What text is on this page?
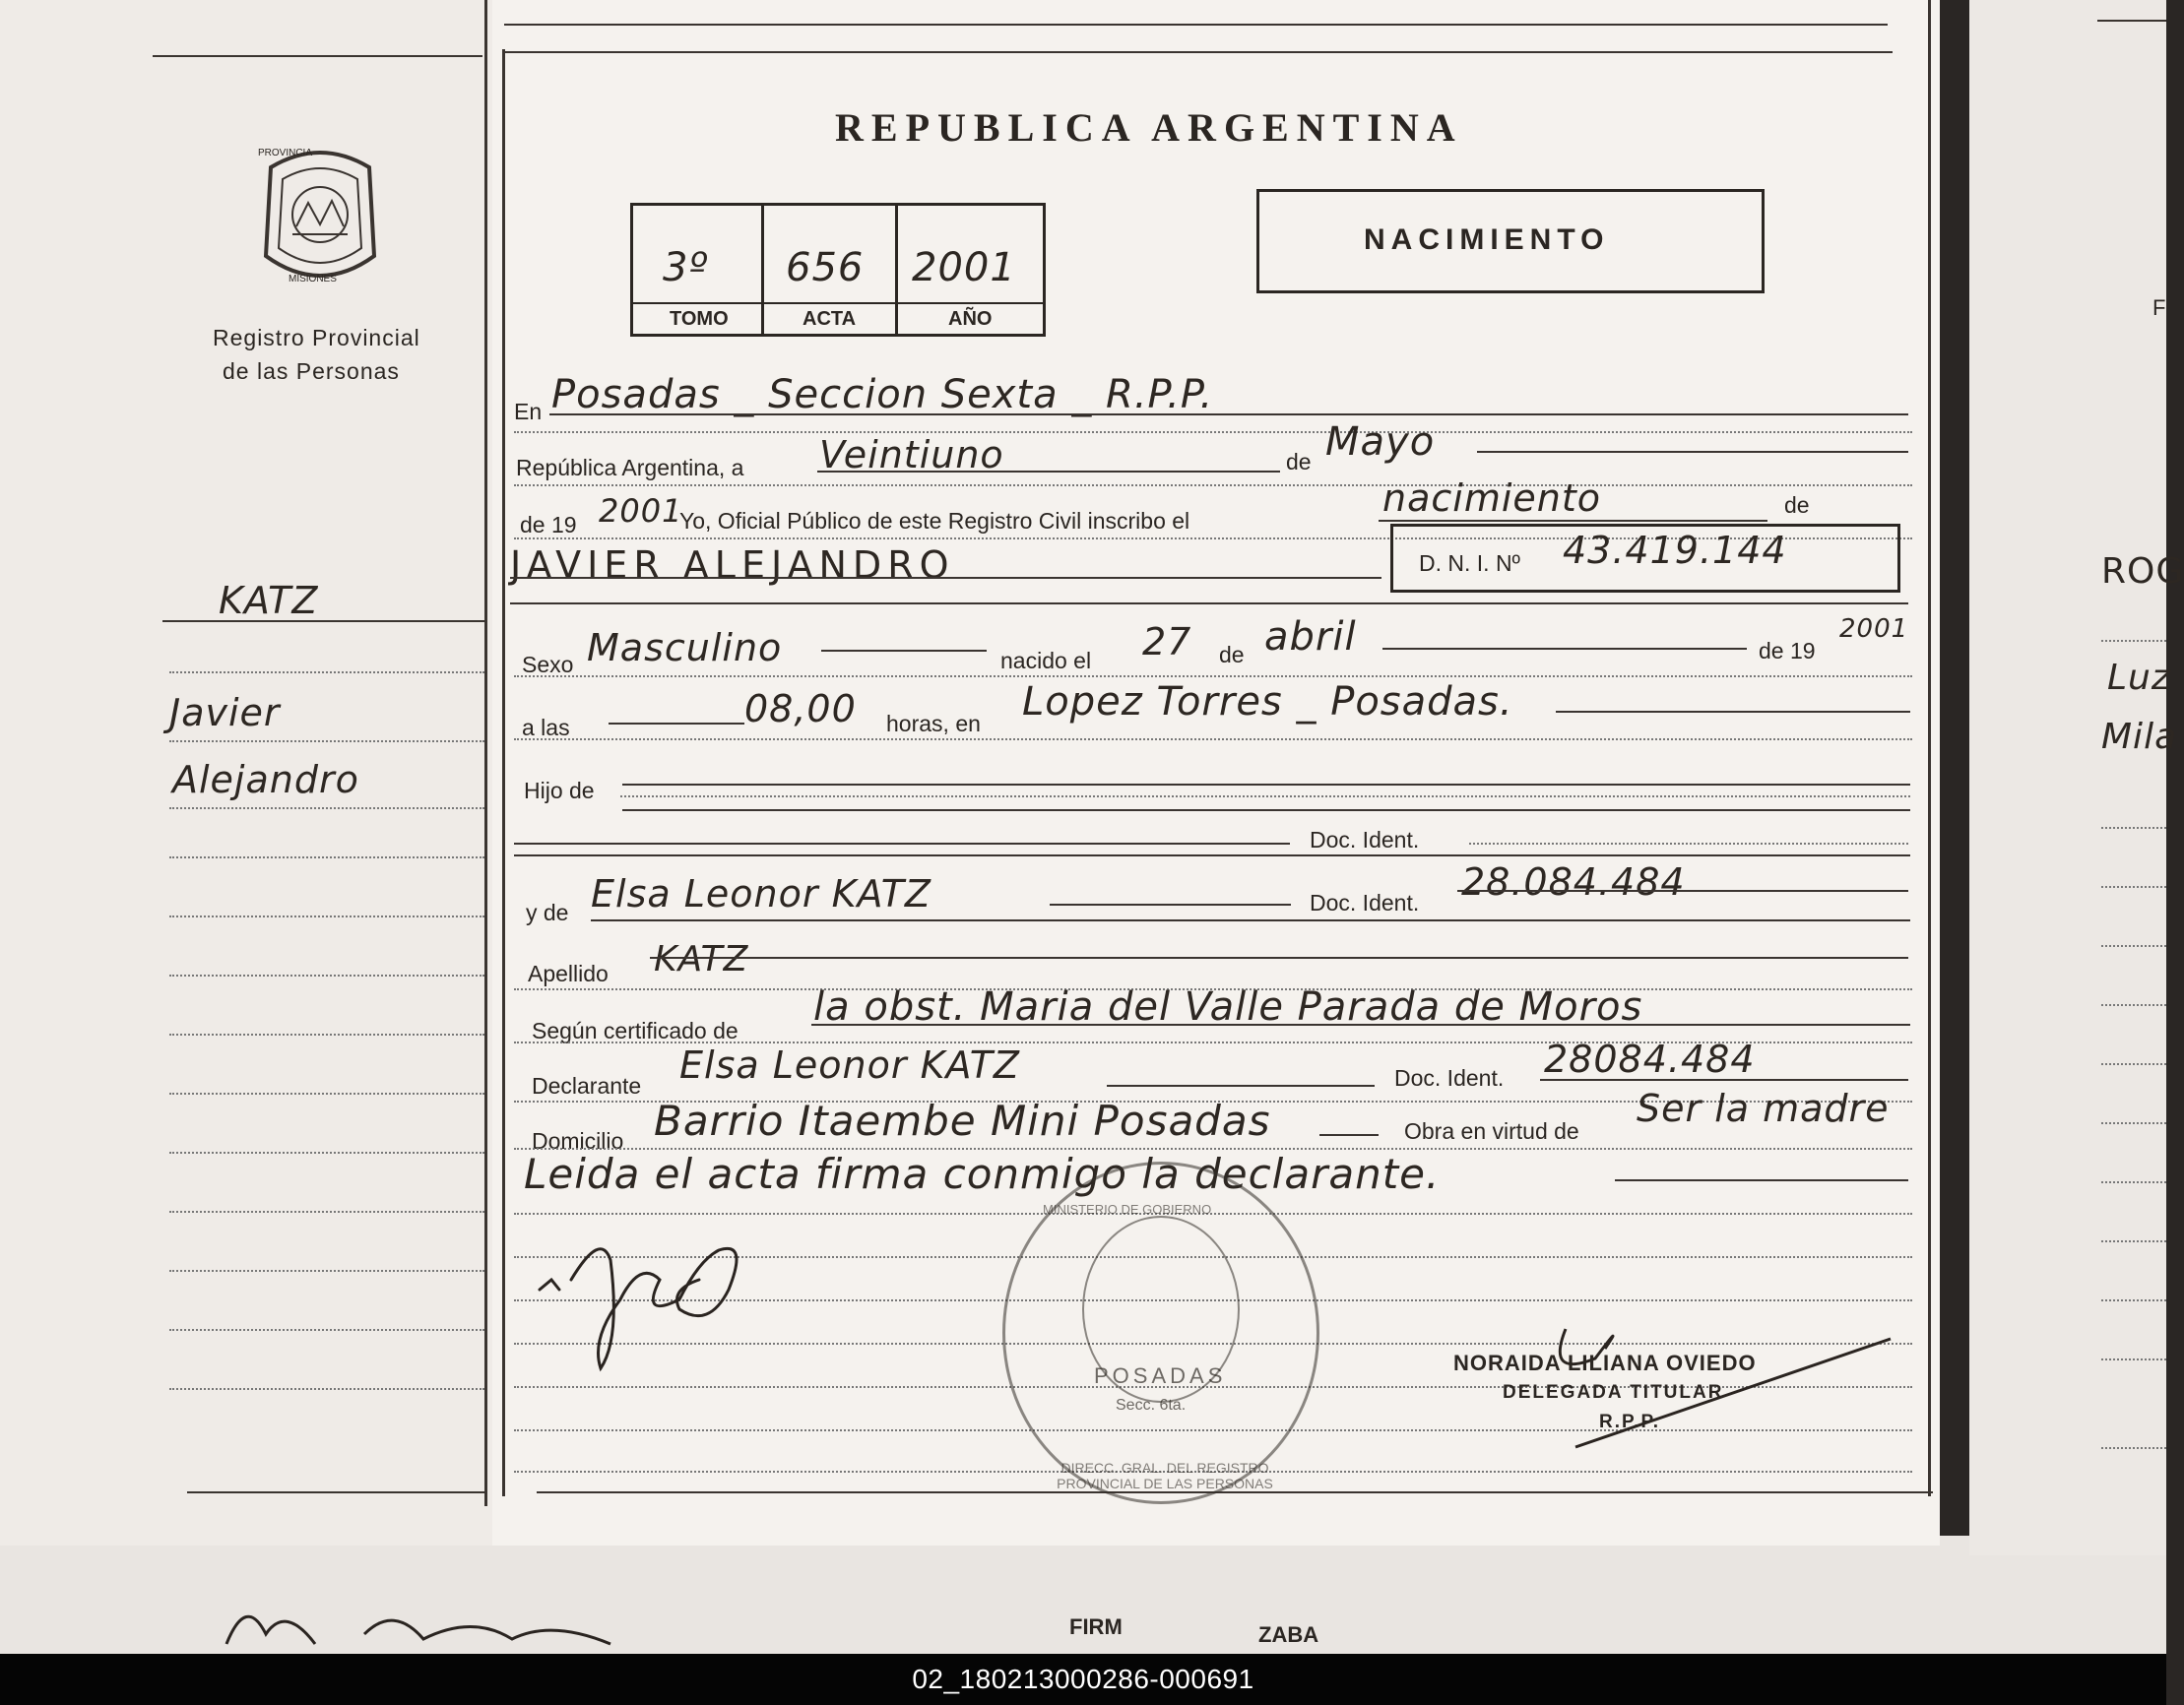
PROVINCIA
MISIONES
Registro Provincial
de las Personas
KATZ
Javier
Alejandro
REPUBLICA ARGENTINA
3º 656 2001
TOMO	ACTA	AÑO
NACIMIENTO
En Posadas _ Seccion Sexta _ R.P.P.
República Argentina, a Veintiuno	de Mayo
de 19 2001
Yo, Oficial Público de este Registro Civil inscribo el
nacimiento	de
JAVIER ALEJANDRO	D. N. I. Nº 43.419.144
Sexo Masculino	nacido el 27 de abril	de 19
2001
a las	08,00 horas, en Lopez Torres _ Posadas.
Hijo de
Doc. Ident.
y de Elsa Leonor KATZ	Doc. Ident. 28.084.484
Apellido KATZ
Según certificado de
la obst. Maria del Valle Parada de Moros
Declarante Elsa Leonor KATZ	Doc. Ident. 28084.484
Domicilio Barrio Itaembe Mini Posadas	Obra en virtud de
Ser la madre
Leida el acta firma conmigo la declarante.
DIRECC. GRAL. DEL REGISTRO PROVINCIAL DE LAS PERSONAS
MINISTERIO DE GOBIERNO
POSADAS
Secc. 6ta.
NORAIDA LILIANA OVIEDO
DELEGADA TITULAR
R.P.P.
F
ROG
Luz
Mila
FIRM	ZABA
02_180213000286-000691
